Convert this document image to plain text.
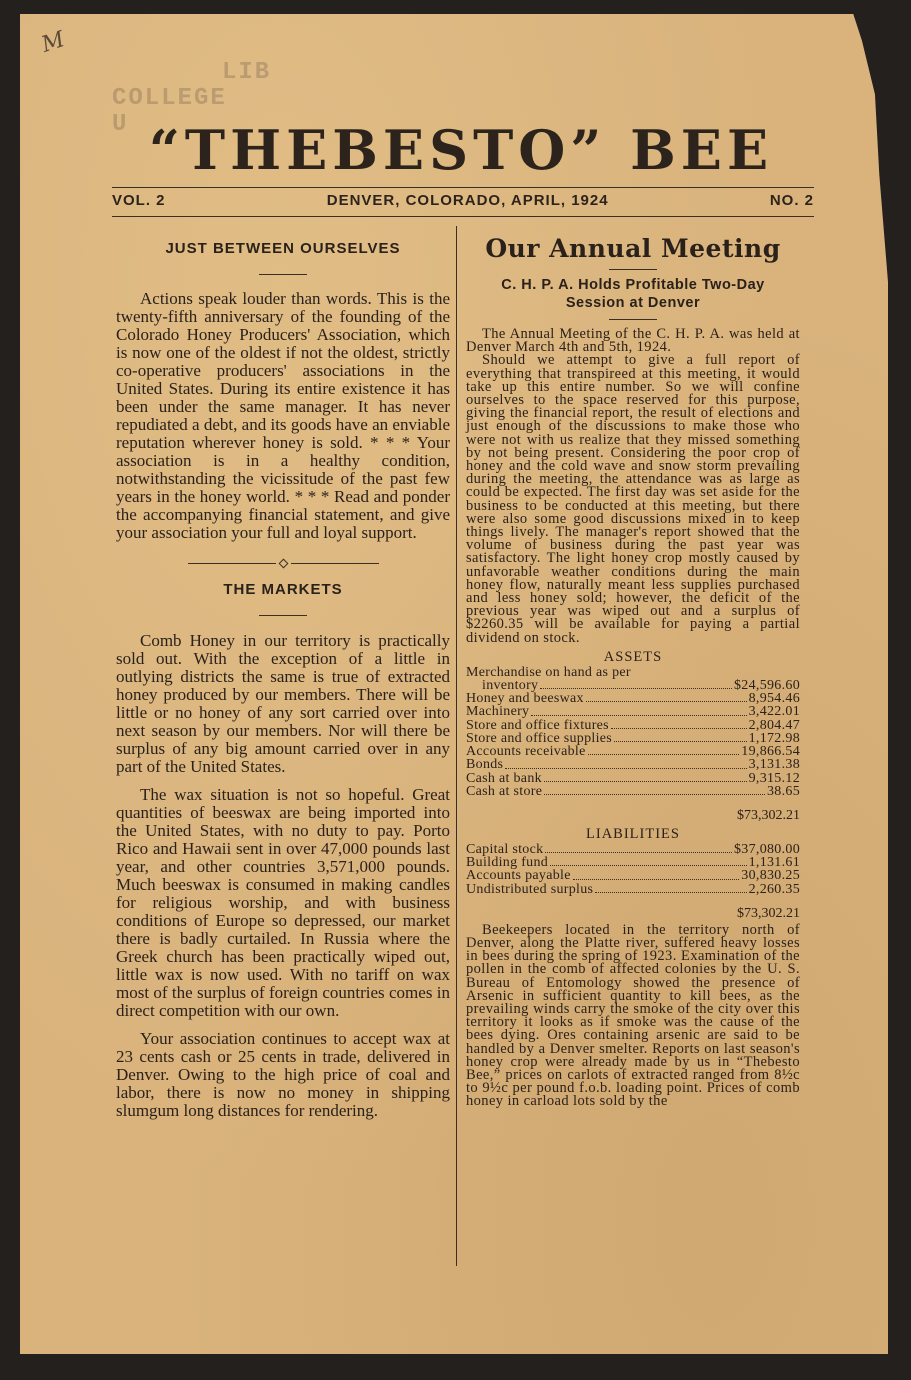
M
LIB
COLLEGE
U “THEBESTO” BEE
VOL. 2	DENVER, COLORADO, APRIL, 1924	NO. 2
JUST BETWEEN OURSELVES

Actions speak louder than words. This is the twenty-fifth anniversary of the founding of the Colorado Honey Producers' Association, which is now one of the oldest if not the oldest, strictly co-operative producers' associations in the United States. During its entire existence it has been under the same manager. It has never repudiated a debt, and its goods have an enviable reputation wherever honey is sold. * * * Your association is in a healthy condition, notwithstanding the vicissitude of the past few years in the honey world. * * * Read and ponder the accompanying financial statement, and give your association your full and loyal support.

THE MARKETS

Comb Honey in our territory is practically sold out. With the exception of a little in outlying districts the same is true of extracted honey produced by our members. There will be little or no honey of any sort carried over into next season by our members. Nor will there be surplus of any big amount carried over in any part of the United States.

The wax situation is not so hopeful. Great quantities of beeswax are being imported into the United States, with no duty to pay. Porto Rico and Hawaii sent in over 47,000 pounds last year, and other countries 3,571,000 pounds. Much beeswax is consumed in making candles for religious worship, and with business conditions of Europe so depressed, our market there is badly curtailed. In Russia where the Greek church has been practically wiped out, little wax is now used. With no tariff on wax most of the surplus of foreign countries comes in direct competition with our own.

Your association continues to accept wax at 23 cents cash or 25 cents in trade, delivered in Denver. Owing to the high price of coal and labor, there is now no money in shipping slumgum long distances for rendering.

Our Annual Meeting
C. H. P. A. Holds Profitable Two-Day Session at Denver

The Annual Meeting of the C. H. P. A. was held at Denver March 4th and 5th, 1924.

Should we attempt to give a full report of everything that transpireed at this meeting, it would take up this entire number. So we will confine ourselves to the space reserved for this purpose, giving the financial report, the result of elections and just enough of the discussions to make those who were not with us realize that they missed something by not being present. Considering the poor crop of honey and the cold wave and snow storm prevailing during the meeting, the attendance was as large as could be expected. The first day was set aside for the business to be conducted at this meeting, but there were also some good discussions mixed in to keep things lively. The manager's report showed that the volume of business during the past year was satisfactory. The light honey crop mostly caused by unfavorable weather conditions during the main honey flow, naturally meant less supplies purchased and less honey sold; however, the deficit of the previous year was wiped out and a surplus of $2260.35 will be available for paying a partial dividend on stock.

ASSETS
Merchandise on hand as per
inventory	$24,596.60
Honey and beeswax	8,954.46
Machinery	3,422.01
Store and office fixtures	2,804.47
Store and office supplies	1,172.98
Accounts receivable	19,866.54
Bonds	3,131.38
Cash at bank	9,315.12
Cash at store	38.65
$73,302.21
LIABILITIES
Capital stock	$37,080.00
Building fund	1,131.61
Accounts payable	30,830.25
Undistributed surplus	2,260.35
$73,302.21

Beekeepers located in the territory north of Denver, along the Platte river, suffered heavy losses in bees during the spring of 1923. Examination of the pollen in the comb of affected colonies by the U. S. Bureau of Entomology showed the presence of Arsenic in sufficient quantity to kill bees, as the prevailing winds carry the smoke of the city over this territory it looks as if smoke was the cause of the bees dying. Ores containing arsenic are said to be handled by a Denver smelter. Reports on last season's honey crop were already made by us in “Thebesto Bee,” prices on carlots of extracted ranged from 8½c to 9½c per pound f.o.b. loading point. Prices of comb honey in carload lots sold by the
